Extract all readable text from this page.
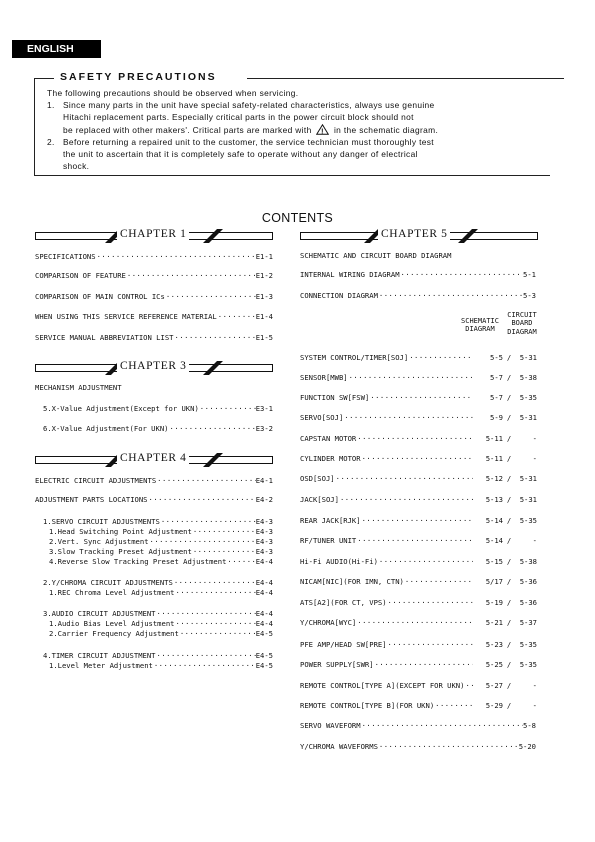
ENGLISH
SAFETY PRECAUTIONS
The following precautions should be observed when servicing.
1. Since many parts in the unit have special safety-related characteristics, always use genuine
Hitachi replacement parts. Especially critical parts in the power circuit block should not
be replaced with other makers'. Critical parts are marked with ! in the schematic diagram.
2. Before returning a repaired unit to the customer, the service technician must thoroughly test
the unit to ascertain that it is completely safe to operate without any danger of electrical
shock.
CONTENTS
CHAPTER 1	CHAPTER 5
CHAPTER 3
CHAPTER 4
SPECIFICATIONS ·····	E1-1
COMPARISON OF FEATURE ·····	E1-2
COMPARISON OF MAIN CONTROL ICs ·····	E1-3
WHEN USING THIS SERVICE REFERENCE MATERIAL ·····	E1-4
SERVICE MANUAL ABBREVIATION LIST ·····	E1-5
MECHANISM ADJUSTMENT
5.X-Value Adjustment(Except for UKN) ·····	E3-1
6.X-Value Adjustment(For UKN) ·····	E3-2
ELECTRIC CIRCUIT ADJUSTMENTS ·····	E4-1
ADJUSTMENT PARTS LOCATIONS ·····	E4-2
1.SERVO CIRCUIT ADJUSTMENTS ·····	E4-3
1.Head Switching Point Adjustment ·····	E4-3
2.Vert. Sync Adjustment ·····	E4-3
3.Slow Tracking Preset Adjustment ·····	E4-3
4.Reverse Slow Tracking Preset Adjustment ·····	E4-4
2.Y/CHROMA CIRCUIT ADJUSTMENTS ·····	E4-4
1.REC Chroma Level Adjustment ·····	E4-4
3.AUDIO CIRCUIT ADJUSTMENT ·····	E4-4
1.Audio Bias Level Adjustment ·····	E4-4
2.Carrier Frequency Adjustment ·····	E4-5
4.TIMER CIRCUIT ADJUSTMENT ·····	E4-5
1.Level Meter Adjustment ·····	E4-5
SCHEMATIC AND CIRCUIT BOARD DIAGRAM
INTERNAL WIRING DIAGRAM ·····	5-1
CONNECTION DIAGRAM ·····	5-3
SCHEMATIC DIAGRAM
CIRCUIT BOARD DIAGRAM
SYSTEM CONTROL/TIMER[SOJ] ·····	5-5 /	5-31
SENSOR[MWB] ·····	5-7 /	5-38
FUNCTION SW[FSW] ·····	5-7 /	5-35
SERVO[SOJ] ·····	5-9 /	5-31
CAPSTAN MOTOR ·····	5-11 /	-
CYLINDER MOTOR ·····	5-11 /	-
OSD[SOJ] ·····	5-12 /	5-31
JACK[SOJ] ·····	5-13 /	5-31
REAR JACK[RJK] ·····	5-14 /	5-35
RF/TUNER UNIT ·····	5-14 /	-
Hi-Fi AUDIO(Hi-Fi) ·····	5-15 /	5-38
NICAM[NIC](FOR IMN, CTN) ·····	5/17 /	5-36
ATS[A2](FOR CT, VPS) ·····	5-19 /	5-36
Y/CHROMA[WYC] ·····	5-21 /	5-37
PFE AMP/HEAD SW[PRE] ·····	5-23 /	5-35
POWER SUPPLY[SWR] ·····	5-25 /	5-35
REMOTE CONTROL[TYPE A](EXCEPT FOR UKN) ·····	5-27 /	-
REMOTE CONTROL[TYPE B](FOR UKN) ·····	5-29 /	-
SERVO WAVEFORM ·····	5-8
Y/CHROMA WAVEFORMS ·····	5-20
